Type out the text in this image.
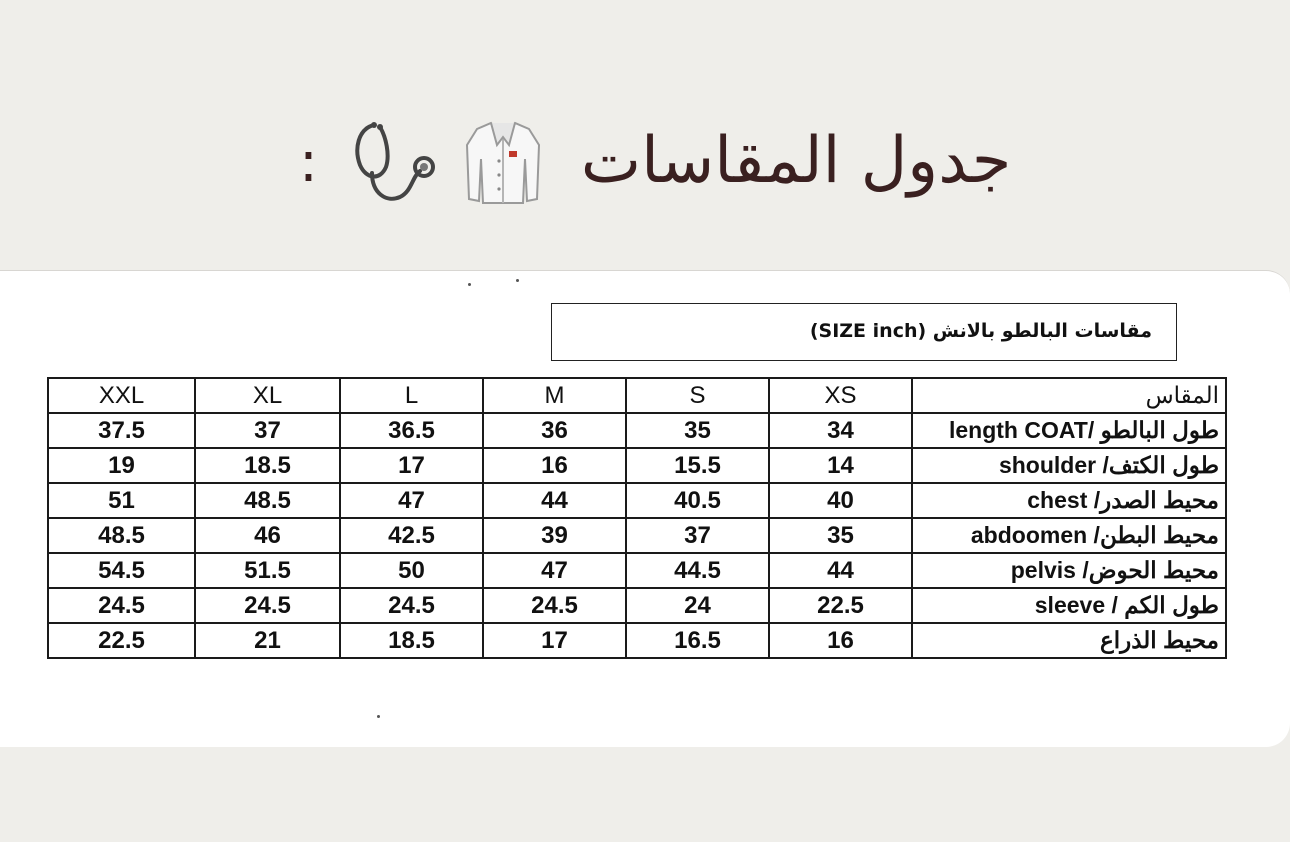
جدول المقاسات  :
مقاسات البالطو بالانش (SIZE inch)
XXL	XL	L	M	S	XS	المقاس
37.5	37	36.5	36	35	34	طول البالطو /length COAT
19	18.5	17	16	15.5	14	طول الكتف/ shoulder
51	48.5	47	44	40.5	40	محيط الصدر/ chest
48.5	46	42.5	39	37	35	محيط البطن/ abdoomen
54.5	51.5	50	47	44.5	44	محيط الحوض/ pelvis
24.5	24.5	24.5	24.5	24	22.5	طول الكم / sleeve
22.5	21	18.5	17	16.5	16	محيط الذراع
